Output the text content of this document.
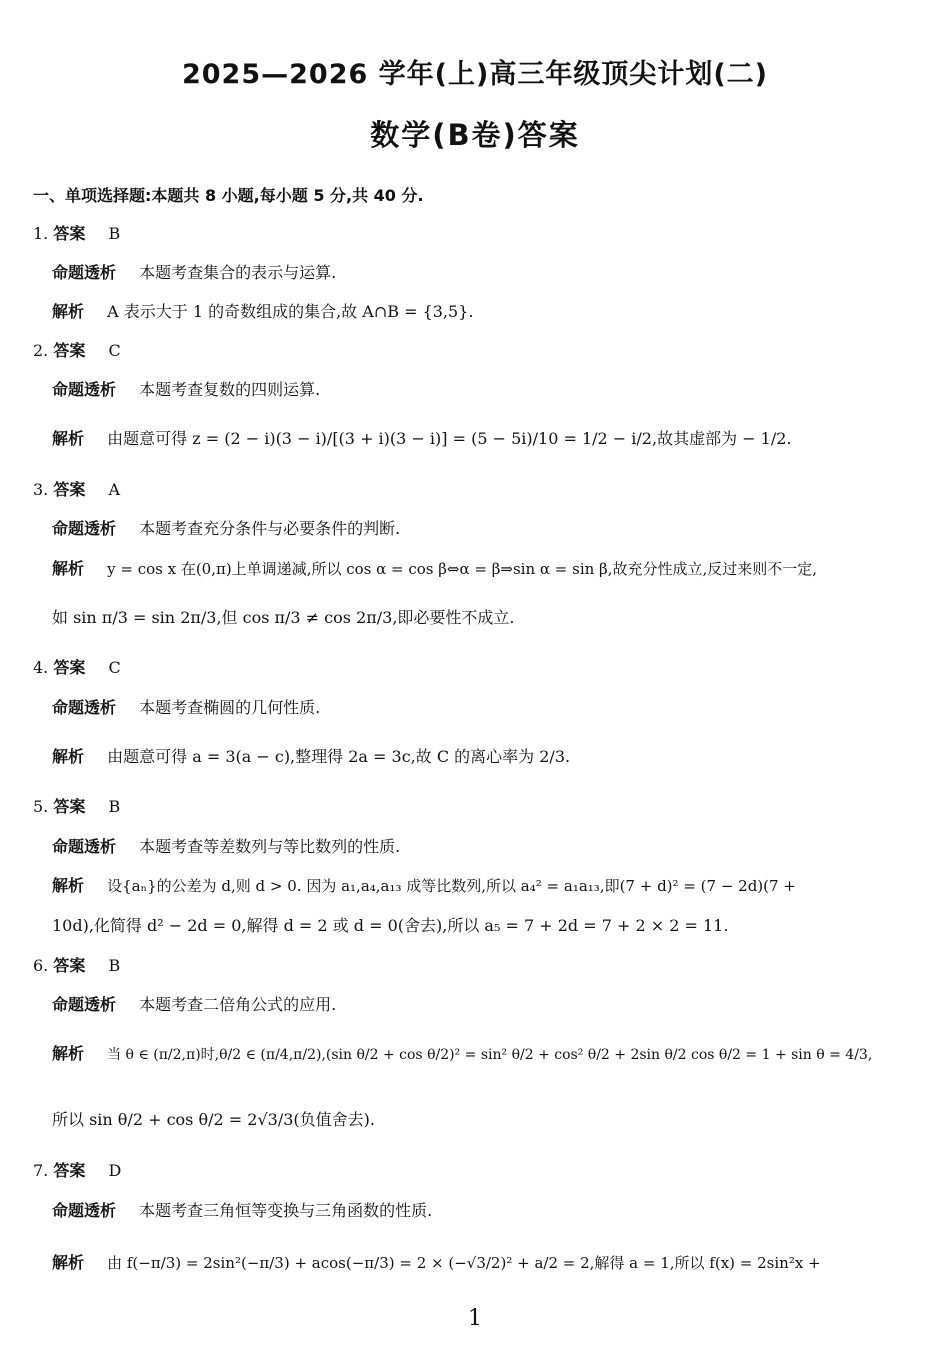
2025—2026 学年(上)高三年级顶尖计划(二)
数学(B卷)答案
一、单项选择题:本题共 8 小题,每小题 5 分,共 40 分.
1. 答案 B
命题透析 本题考查集合的表示与运算.
解析 A 表示大于 1 的奇数组成的集合,故 A∩B = {3,5}.
2. 答案 C
命题透析 本题考查复数的四则运算.
解析 由题意可得 z = (2 − i)(3 − i)/[(3 + i)(3 − i)] = (5 − 5i)/10 = 1/2 − i/2,故其虚部为 − 1/2.
3. 答案 A
命题透析 本题考查充分条件与必要条件的判断.
解析 y = cos x 在(0,π)上单调递减,所以 cos α = cos β⇔α = β⇒sin α = sin β,故充分性成立,反过来则不一定,
如 sin π/3 = sin 2π/3,但 cos π/3 ≠ cos 2π/3,即必要性不成立.
4. 答案 C
命题透析 本题考查椭圆的几何性质.
解析 由题意可得 a = 3(a − c),整理得 2a = 3c,故 C 的离心率为 2/3.
5. 答案 B
命题透析 本题考查等差数列与等比数列的性质.
解析 设{aₙ}的公差为 d,则 d > 0. 因为 a₁,a₄,a₁₃ 成等比数列,所以 a₄² = a₁a₁₃,即(7 + d)² = (7 − 2d)(7 +
10d),化简得 d² − 2d = 0,解得 d = 2 或 d = 0(舍去),所以 a₅ = 7 + 2d = 7 + 2 × 2 = 11.
6. 答案 B
命题透析 本题考查二倍角公式的应用.
解析 当 θ ∈ (π/2,π)时,θ/2 ∈ (π/4,π/2),(sin θ/2 + cos θ/2)² = sin² θ/2 + cos² θ/2 + 2sin θ/2 cos θ/2 = 1 + sin θ = 4/3,
所以 sin θ/2 + cos θ/2 = 2√3/3(负值舍去).
7. 答案 D
命题透析 本题考查三角恒等变换与三角函数的性质.
解析 由 f(−π/3) = 2sin²(−π/3) + acos(−π/3) = 2 × (−√3/2)² + a/2 = 2,解得 a = 1,所以 f(x) = 2sin²x +
1
